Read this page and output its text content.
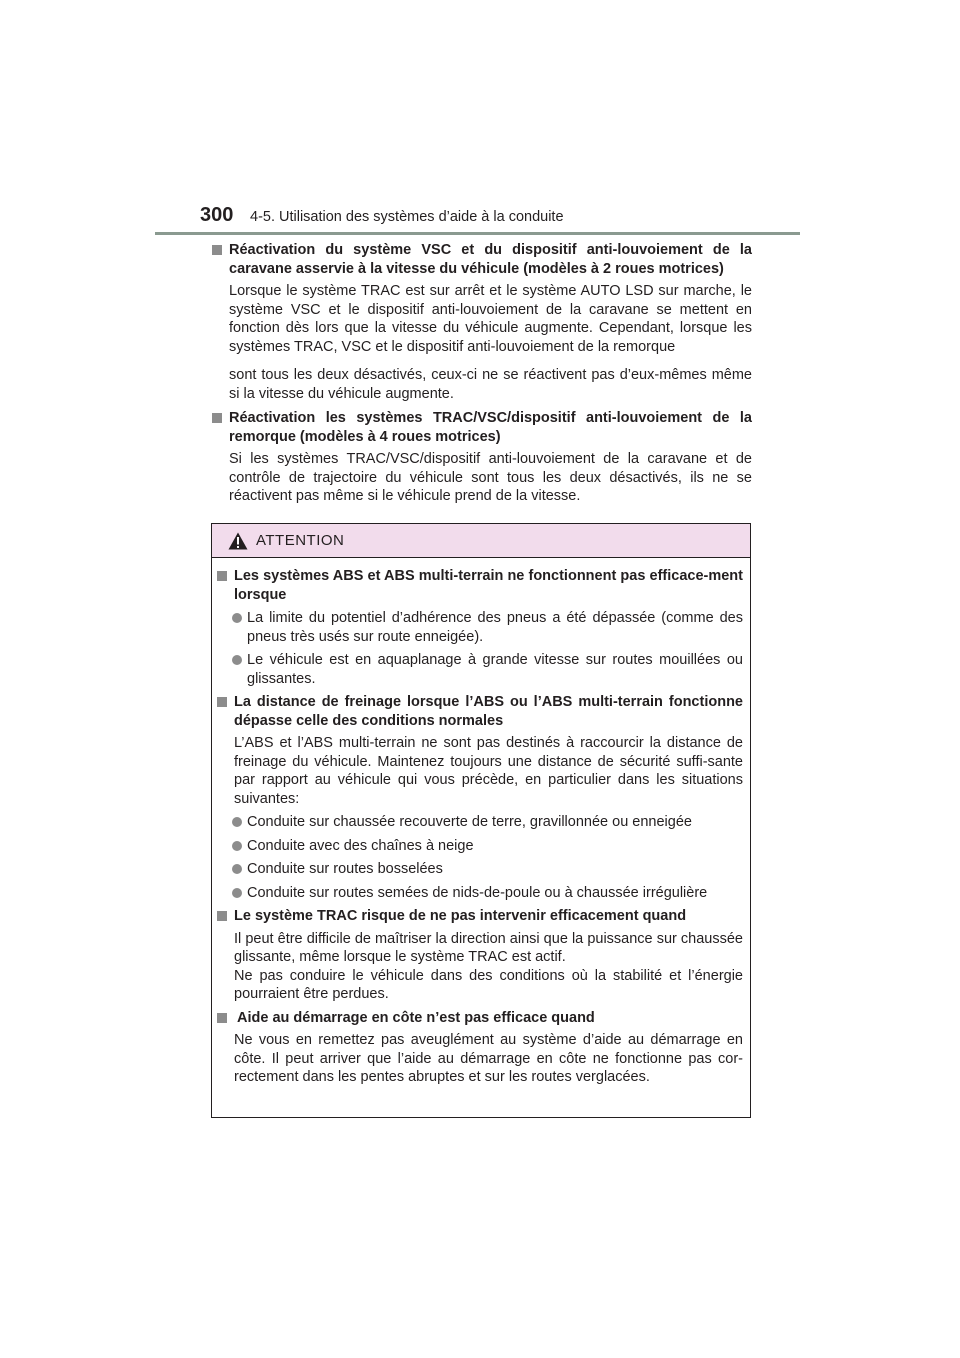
300 4-5. Utilisation des systèmes d’aide à la conduite
Réactivation du système VSC et du dispositif anti-louvoiement de la caravane asservie à la vitesse du véhicule (modèles à 2 roues motrices)
Lorsque le système TRAC est sur arrêt et le système AUTO LSD sur marche, le système VSC et le dispositif anti-louvoiement de la caravane se mettent en fonction dès lors que la vitesse du véhicule augmente. Cependant, lorsque les systèmes TRAC, VSC et le dispositif anti-louvoiement de la remorque
sont tous les deux désactivés, ceux-ci ne se réactivent pas d’eux-mêmes même si la vitesse du véhicule augmente.
Réactivation les systèmes TRAC/VSC/dispositif anti-louvoiement de la remorque (modèles à 4 roues motrices)
Si les systèmes TRAC/VSC/dispositif anti-louvoiement de la caravane et de contrôle de trajectoire du véhicule sont tous les deux désactivés, ils ne se réactivent pas même si le véhicule prend de la vitesse.
ATTENTION
Les systèmes ABS et ABS multi-terrain ne fonctionnent pas efficace-ment lorsque
La limite du potentiel d’adhérence des pneus a été dépassée (comme des pneus très usés sur route enneigée).
Le véhicule est en aquaplanage à grande vitesse sur routes mouillées ou glissantes.
La distance de freinage lorsque l’ABS ou l’ABS multi-terrain fonctionne dépasse celle des conditions normales
L’ABS et l’ABS multi-terrain ne sont pas destinés à raccourcir la distance de freinage du véhicule. Maintenez toujours une distance de sécurité suffi-sante par rapport au véhicule qui vous précède, en particulier dans les situations suivantes:
Conduite sur chaussée recouverte de terre, gravillonnée ou enneigée
Conduite avec des chaînes à neige
Conduite sur routes bosselées
Conduite sur routes semées de nids-de-poule ou à chaussée irrégulière
Le système TRAC risque de ne pas intervenir efficacement quand
Il peut être difficile de maîtriser la direction ainsi que la puissance sur chaussée glissante, même lorsque le système TRAC est actif.
Ne pas conduire le véhicule dans des conditions où la stabilité et l’énergie pourraient être perdues.
Aide au démarrage en côte n’est pas efficace quand
Ne vous en remettez pas aveuglément au système d’aide au démarrage en côte. Il peut arriver que l’aide au démarrage en côte ne fonctionne pas cor-rectement dans les pentes abruptes et sur les routes verglacées.
